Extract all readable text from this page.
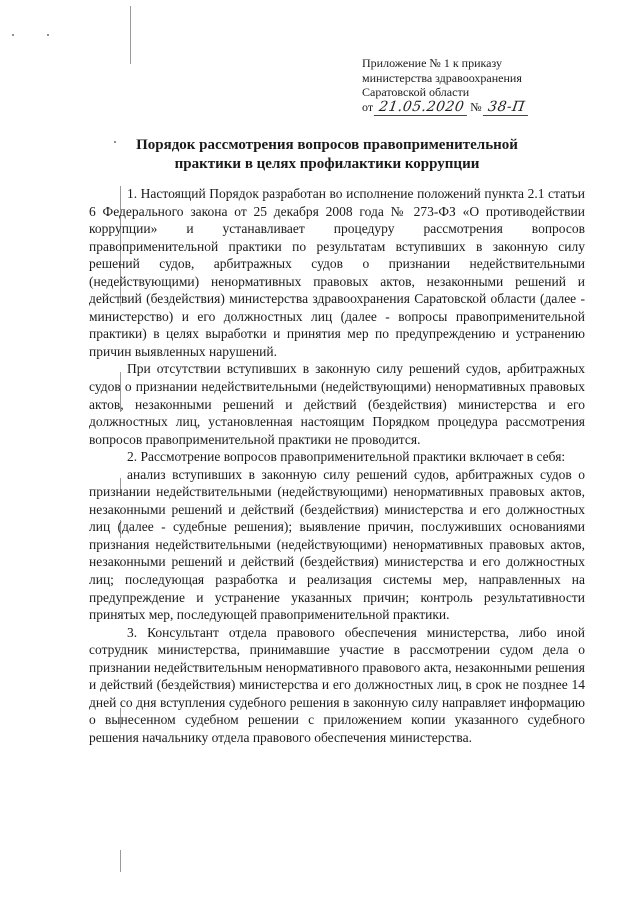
Приложение № 1 к приказу
министерства здравоохранения
Саратовской области
от 21.05.2020 № 38-П
Порядок рассмотрения вопросов правоприменительной
практики в целях профилактики коррупции

1. Настоящий Порядок разработан во исполнение положений пункта 2.1 статьи 6 Федерального закона от 25 декабря 2008 года № 273-ФЗ «О противодействии коррупции» и устанавливает процедуру рассмотрения вопросов правоприменительной практики по результатам вступивших в законную силу решений судов, арбитражных судов о признании недействительными (недействующими) ненормативных правовых актов, незаконными решений и действий (бездействия) министерства здравоохранения Саратовской области (далее - министерство) и его должностных лиц (далее - вопросы правоприменительной практики) в целях выработки и принятия мер по предупреждению и устранению причин выявленных нарушений.

При отсутствии вступивших в законную силу решений судов, арбитражных судов о признании недействительными (недействующими) ненормативных правовых актов, незаконными решений и действий (бездействия) министерства и его должностных лиц, установленная настоящим Порядком процедура рассмотрения вопросов правоприменительной практики не проводится.

2. Рассмотрение вопросов правоприменительной практики включает в себя:

анализ вступивших в законную силу решений судов, арбитражных судов о признании недействительными (недействующими) ненормативных правовых актов, незаконными решений и действий (бездействия) министерства и его должностных лиц (далее - судебные решения); выявление причин, послуживших основаниями признания недействительными (недействующими) ненормативных правовых актов, незаконными решений и действий (бездействия) министерства и его должностных лиц; последующая разработка и реализация системы мер, направленных на предупреждение и устранение указанных причин; контроль результативности принятых мер, последующей правоприменительной практики.

3. Консультант отдела правового обеспечения министерства, либо иной сотрудник министерства, принимавшие участие в рассмотрении судом дела о признании недействительным ненормативного правового акта, незаконными решения и действий (бездействия) министерства и его должностных лиц, в срок не позднее 14 дней со дня вступления судебного решения в законную силу направляет информацию о вынесенном судебном решении с приложением копии указанного судебного решения начальнику отдела правового обеспечения министерства.
